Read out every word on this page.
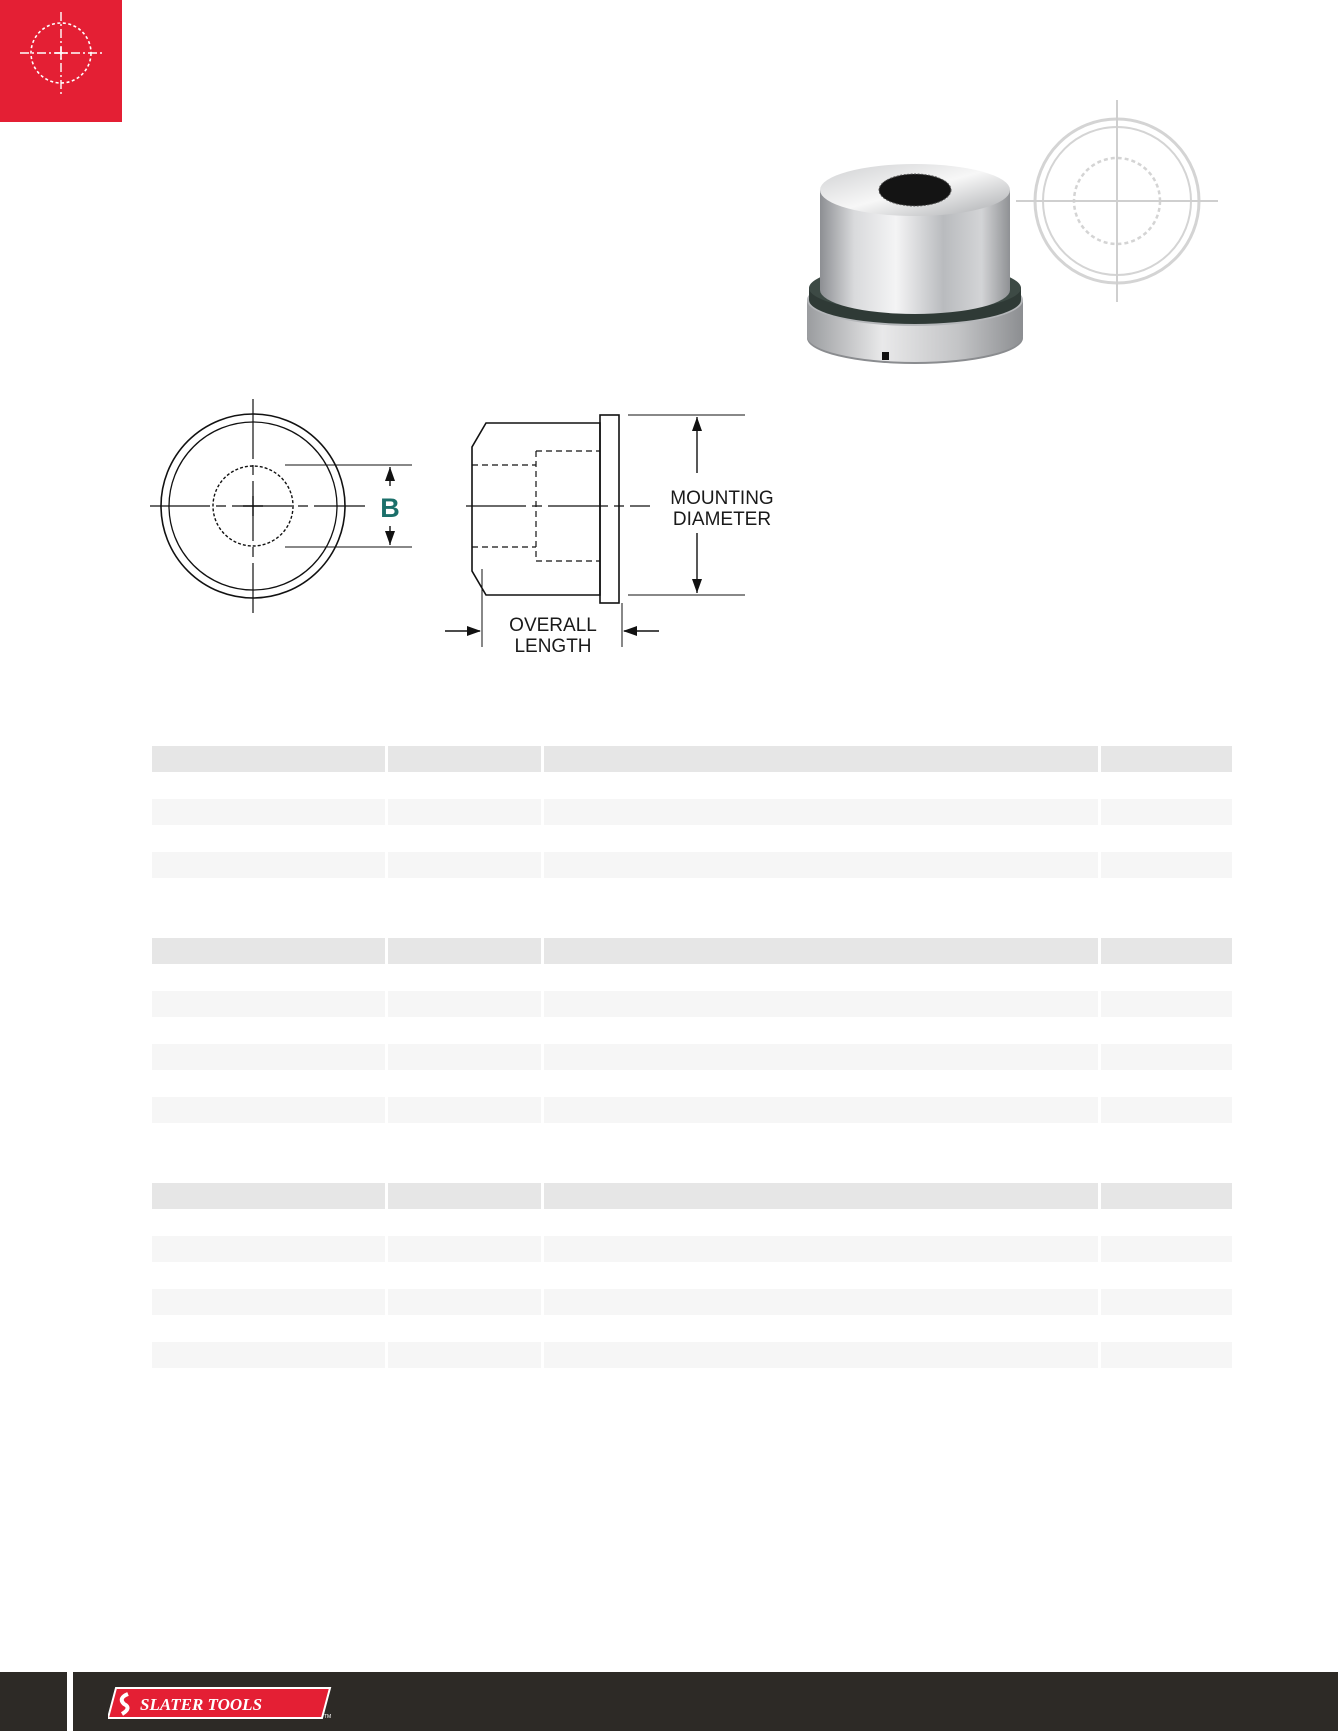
B	MOUNTING
DIAMETER
OVERALL
LENGTH
SLATER TOOLS
TM
